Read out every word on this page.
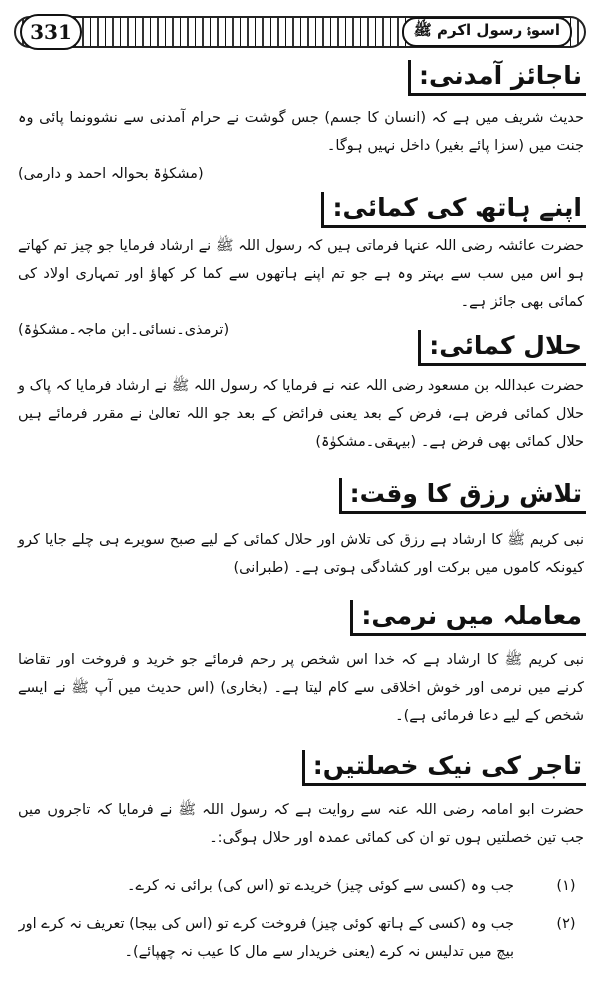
331	اسوۂ رسول اکرم ﷺ
ناجائز آمدنی:

حدیث شریف میں ہے کہ (انسان کا جسم) جس گوشت نے حرام آمدنی سے نشوونما پائی وہ جنت میں (سزا پائے بغیر) داخل نہیں ہوگا۔

(مشکوٰۃ بحوالہ احمد و دارمی)
اپنے ہاتھ کی کمائی:

حضرت عائشہ رضی اللہ عنہا فرماتی ہیں کہ رسول اللہ ﷺ نے ارشاد فرمایا جو چیز تم کھاتے ہو اس میں سب سے بہتر وہ ہے جو تم اپنے ہاتھوں سے کما کر کھاؤ اور تمہاری اولاد کی کمائی بھی جائز ہے۔

(ترمذی۔نسائی۔ابن ماجہ۔مشکوٰۃ)
حلال کمائی:

حضرت عبداللہ بن مسعود رضی اللہ عنہ نے فرمایا کہ رسول اللہ ﷺ نے ارشاد فرمایا کہ پاک و حلال کمائی فرض ہے، فرض کے بعد یعنی فرائض کے بعد جو اللہ تعالیٰ نے مقرر فرمائے ہیں حلال کمائی بھی فرض ہے۔ (بیہقی۔مشکوٰۃ)

تلاش رزق کا وقت:

نبی کریم ﷺ کا ارشاد ہے رزق کی تلاش اور حلال کمائی کے لیے صبح سویرے ہی چلے جایا کرو کیونکہ کاموں میں برکت اور کشادگی ہوتی ہے۔ (طبرانی)

معاملہ میں نرمی:

نبی کریم ﷺ کا ارشاد ہے کہ خدا اس شخص پر رحم فرمائے جو خرید و فروخت اور تقاضا کرنے میں نرمی اور خوش اخلاقی سے کام لیتا ہے۔ (بخاری) (اس حدیث میں آپ ﷺ نے ایسے شخص کے لیے دعا فرمائی ہے)۔

تاجر کی نیک خصلتیں:

حضرت ابو امامہ رضی اللہ عنہ سے روایت ہے کہ رسول اللہ ﷺ نے فرمایا کہ تاجروں میں جب تین خصلتیں ہوں تو ان کی کمائی عمدہ اور حلال ہوگی:۔

(۱)
جب وہ (کسی سے کوئی چیز) خریدے تو (اس کی) برائی نہ کرے۔
(۲)
جب وہ (کسی کے ہاتھ کوئی چیز) فروخت کرے تو (اس کی بیجا) تعریف نہ کرے اور بیچ میں تدلیس نہ کرے (یعنی خریدار سے مال کا عیب نہ چھپائے)۔
